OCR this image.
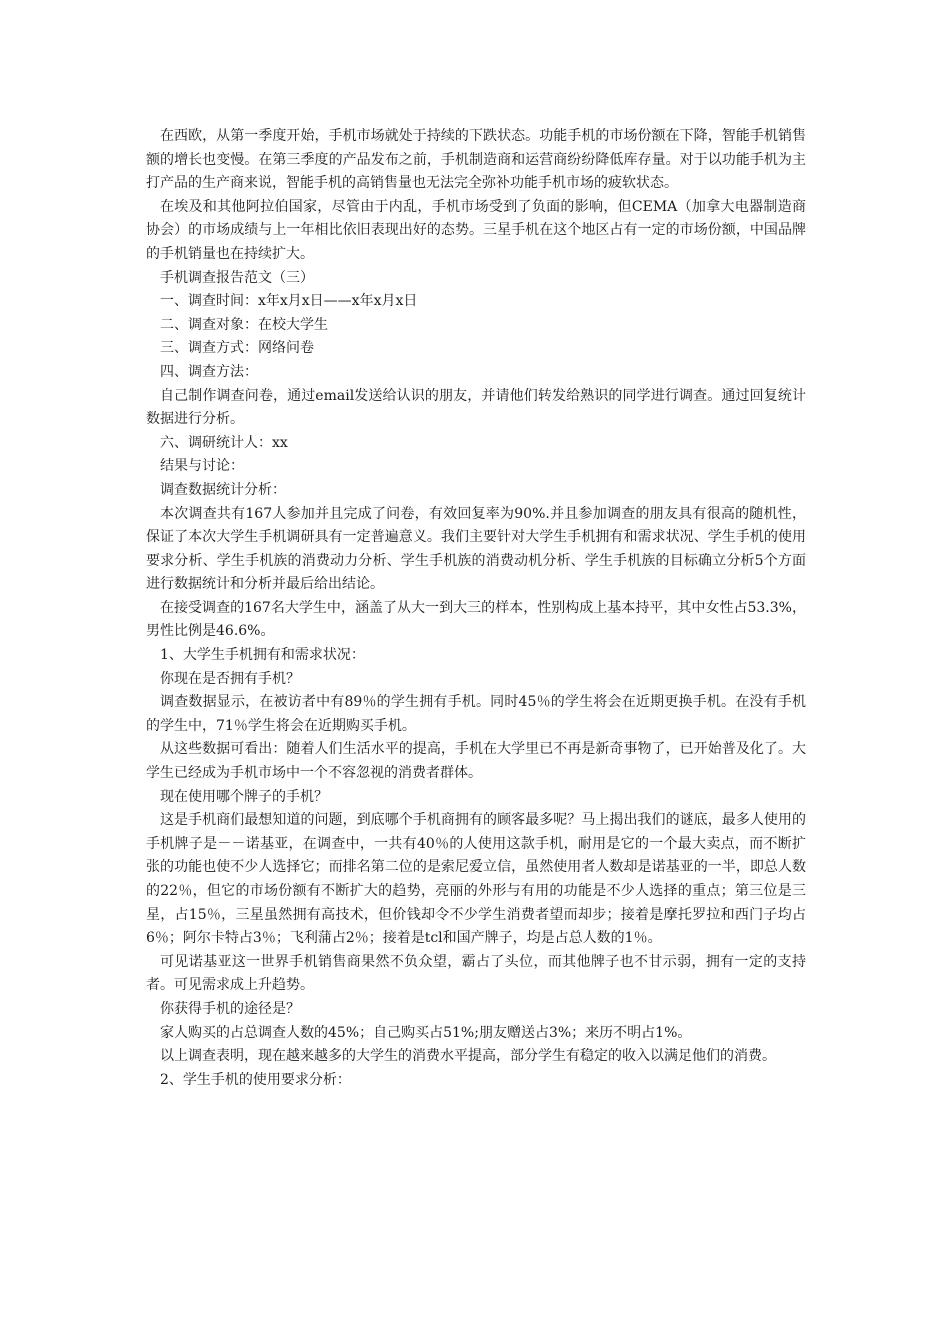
在西欧，从第一季度开始，手机市场就处于持续的下跌状态。功能手机的市场份额在下降，智能手机销售额的增长也变慢。在第三季度的产品发布之前，手机制造商和运营商纷纷降低库存量。对于以功能手机为主打产品的生产商来说，智能手机的高销售量也无法完全弥补功能手机市场的疲软状态。

在埃及和其他阿拉伯国家，尽管由于内乱，手机市场受到了负面的影响，但CEMA（加拿大电器制造商协会）的市场成绩与上一年相比依旧表现出好的态势。三星手机在这个地区占有一定的市场份额，中国品牌的手机销量也在持续扩大。

手机调查报告范文（三）

一、调查时间：x年x月x日——x年x月x日

二、调查对象：在校大学生

三、调查方式：网络问卷

四、调查方法：

自己制作调查问卷，通过email发送给认识的朋友，并请他们转发给熟识的同学进行调查。通过回复统计数据进行分析。

六、调研统计人：xx

结果与讨论：

调查数据统计分析：

本次调查共有167人参加并且完成了问卷，有效回复率为90%.并且参加调查的朋友具有很高的随机性，保证了本次大学生手机调研具有一定普遍意义。我们主要针对大学生手机拥有和需求状况、学生手机的使用要求分析、学生手机族的消费动力分析、学生手机族的消费动机分析、学生手机族的目标确立分析5个方面进行数据统计和分析并最后给出结论。

在接受调查的167名大学生中，涵盖了从大一到大三的样本，性别构成上基本持平，其中女性占53.3%，男性比例是46.6%。

1、大学生手机拥有和需求状况：

你现在是否拥有手机？

调查数据显示，在被访者中有89％的学生拥有手机。同时45％的学生将会在近期更换手机。在没有手机的学生中，71％学生将会在近期购买手机。

从这些数据可看出：随着人们生活水平的提高，手机在大学里已不再是新奇事物了，已开始普及化了。大学生已经成为手机市场中一个不容忽视的消费者群体。

现在使用哪个牌子的手机？

这是手机商们最想知道的问题，到底哪个手机商拥有的顾客最多呢？马上揭出我们的谜底，最多人使用的手机牌子是－－诺基亚，在调查中，一共有40％的人使用这款手机，耐用是它的一个最大卖点，而不断扩张的功能也使不少人选择它；而排名第二位的是索尼爱立信，虽然使用者人数却是诺基亚的一半，即总人数的22％，但它的市场份额有不断扩大的趋势，亮丽的外形与有用的功能是不少人选择的重点；第三位是三星，占15％，三星虽然拥有高技术，但价钱却令不少学生消费者望而却步；接着是摩托罗拉和西门子均占6％；阿尔卡特占3％；飞利蒲占2％；接着是tcl和国产牌子，均是占总人数的1％。

可见诺基亚这一世界手机销售商果然不负众望，霸占了头位，而其他牌子也不甘示弱，拥有一定的支持者。可见需求成上升趋势。

你获得手机的途径是？

家人购买的占总调查人数的45%；自己购买占51%;朋友赠送占3%；来历不明占1%。

以上调查表明，现在越来越多的大学生的消费水平提高，部分学生有稳定的收入以满足他们的消费。

2、学生手机的使用要求分析：
